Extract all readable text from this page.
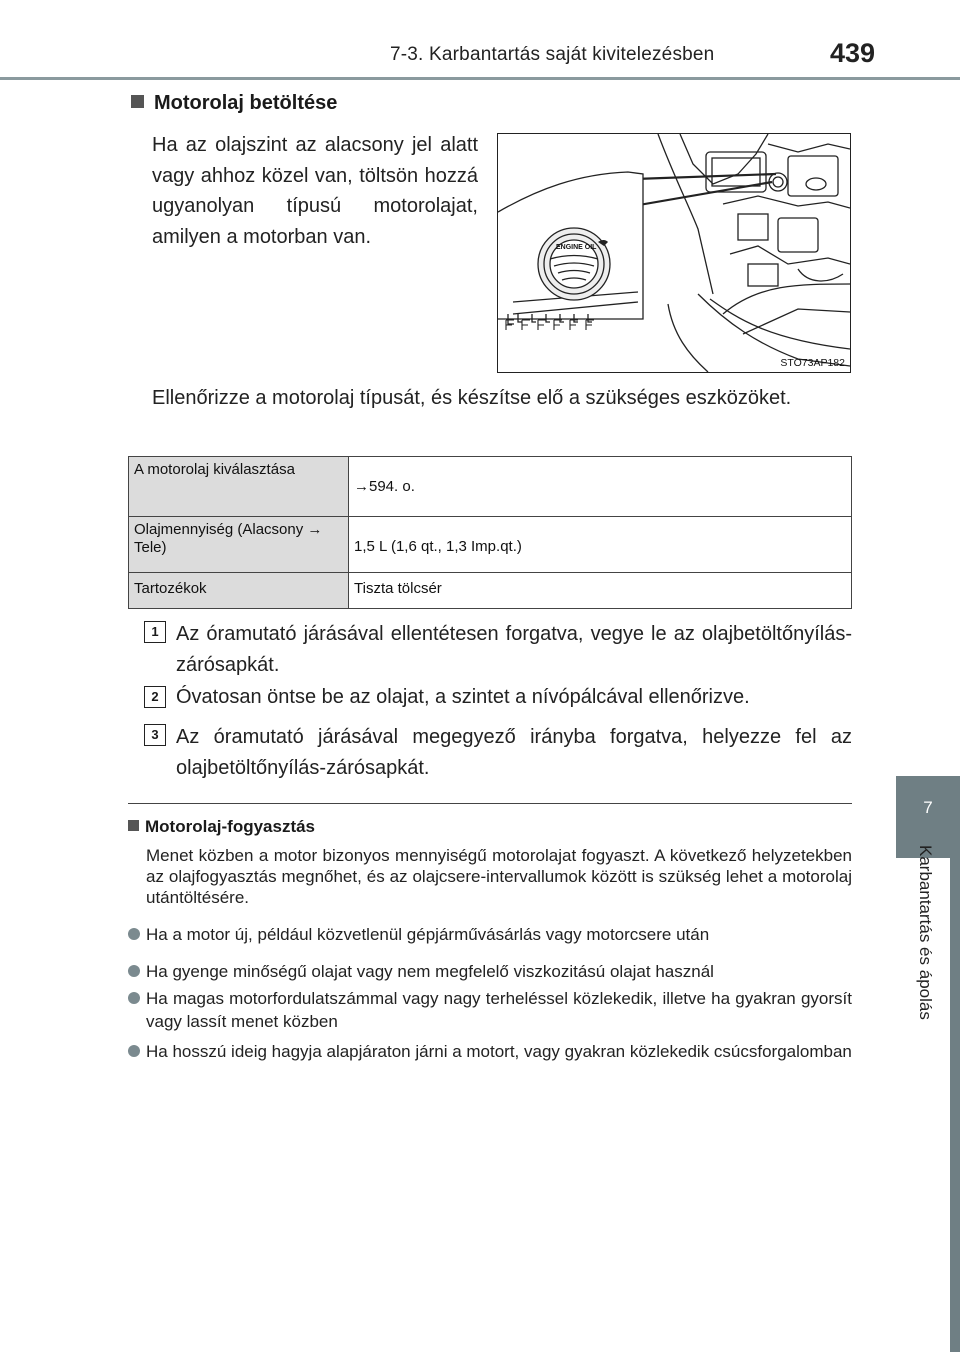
7-3. Karbantartás saját kivitelezésben	439
7
Karbantartás és ápolás
Motorolaj betöltése
Ha az olajszint az alacsony jel alatt vagy ahhoz közel van, töltsön hozzá ugyanolyan típusú motorolajat, amilyen a motorban van.	ENGINE OIL
STO73AP182
Ellenőrizze a motorolaj típusát, és készítse elő a szükséges eszközöket.
A motorolaj kiválasztása	→594. o.
Olajmennyiség (Alacsony → Tele)	1,5 L (1,6 qt., 1,3 Imp.qt.)
Tartozékok	Tiszta tölcsér
1 Az óramutató járásával ellentétesen forgatva, vegye le az olajbetöltőnyílás-zárósapkát.
2 Óvatosan öntse be az olajat, a szintet a nívópálcával ellenőrizve.
3 Az óramutató járásával megegyező irányba forgatva, helyezze fel az olajbetöltőnyílás-zárósapkát.
Motorolaj-fogyasztás
Menet közben a motor bizonyos mennyiségű motorolajat fogyaszt. A következő helyzetekben az olajfogyasztás megnőhet, és az olajcsere-intervallumok között is szükség lehet a motorolaj utántöltésére.
Ha a motor új, például közvetlenül gépjárművásárlás vagy motorcsere után
Ha gyenge minőségű olajat vagy nem megfelelő viszkozitású olajat használ
Ha magas motorfordulatszámmal vagy nagy terheléssel közlekedik, illetve ha gyakran gyorsít vagy lassít menet közben
Ha hosszú ideig hagyja alapjáraton járni a motort, vagy gyakran közlekedik csúcsforgalomban
